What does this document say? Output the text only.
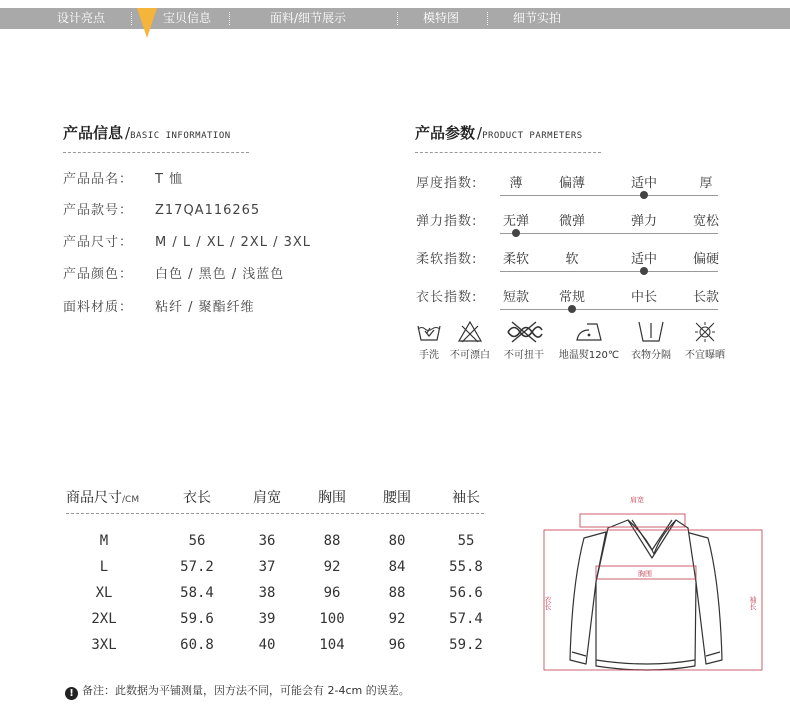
设计亮点	宝贝信息	面料/细节展示	模特图	细节实拍
产品信息 /BASIC INFORMATION
产品品名： T 恤
产品款号： Z17QA116265
产品尺寸： M / L / XL / 2XL / 3XL
产品颜色： 白色 / 黑色 / 浅蓝色
面料材质： 粘纤 / 聚酯纤维
产品参数 /PRODUCT PARMETERS
厚度指数: 薄	偏薄	适中	厚
弹力指数: 无弹 微弹	弹力	宽松
柔软指数: 柔软	软	适中	偏硬
衣长指数: 短款 常规	中长	长款
手洗	不可漂白	不可扭干	地温熨120℃	衣物分隔	不宜曝晒
商品尺寸/CM	衣长	肩宽	胸围	腰围	袖长
M	56	36	88	80	55
L	57.2	37	92	84	55.8
XL	58.4	38	96	88	56.6
2XL	59.6	39	100	92	57.4
3XL	60.8	40	104	96	59.2
肩宽
胸围
衣长	袖长
! 备注：此数据为平铺测量，因方法不同，可能会有 2-4cm 的误差。
